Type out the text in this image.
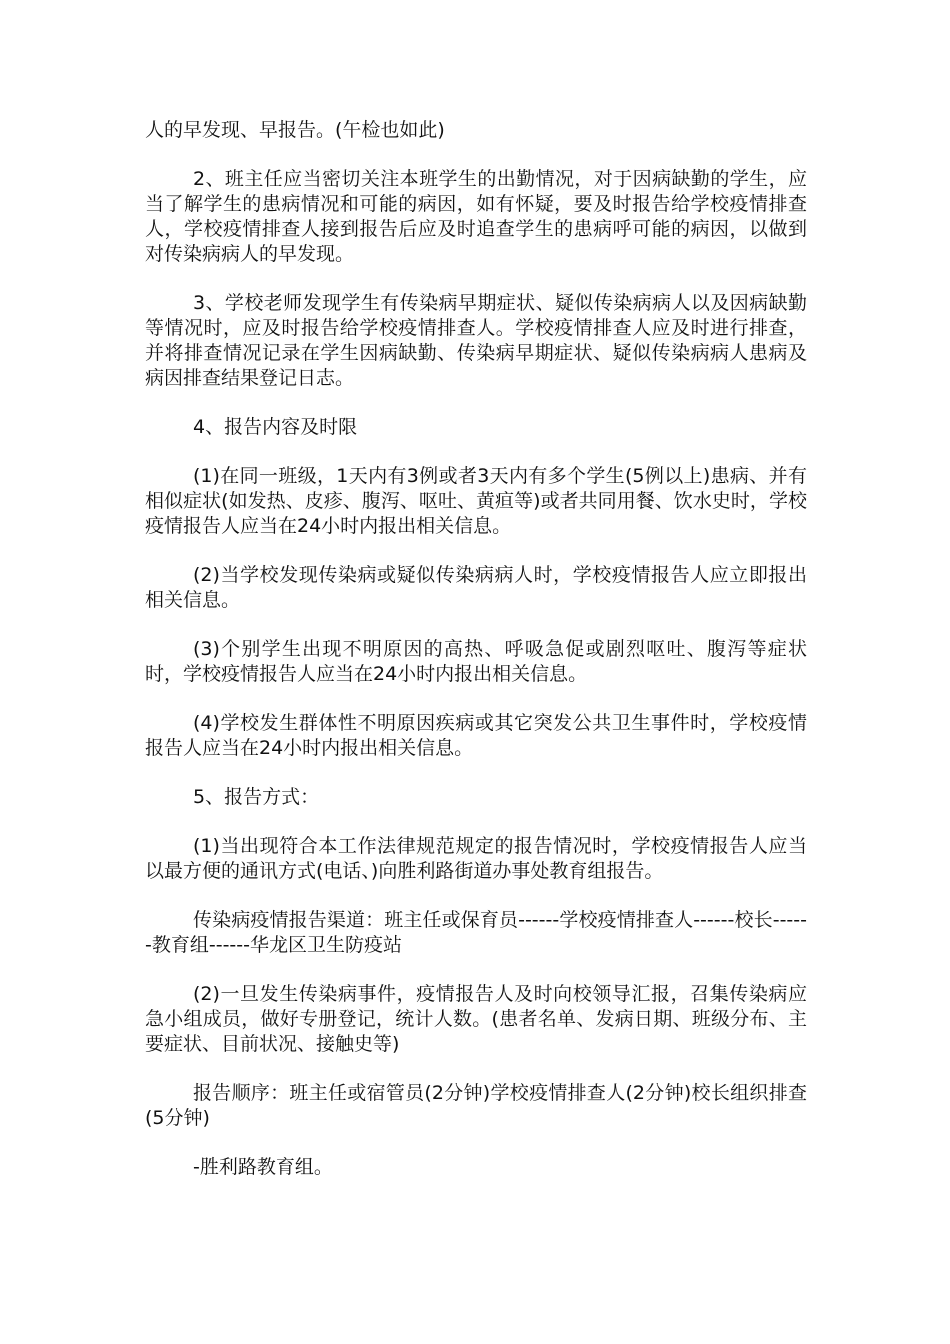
人的早发现、早报告。(午检也如此)

2、班主任应当密切关注本班学生的出勤情况，对于因病缺勤的学生，应当了解学生的患病情况和可能的病因，如有怀疑，要及时报告给学校疫情排查人，学校疫情排查人接到报告后应及时追查学生的患病呼可能的病因，以做到对传染病病人的早发现。

3、学校老师发现学生有传染病早期症状、疑似传染病病人以及因病缺勤等情况时，应及时报告给学校疫情排查人。学校疫情排查人应及时进行排查，并将排查情况记录在学生因病缺勤、传染病早期症状、疑似传染病病人患病及病因排查结果登记日志。

4、报告内容及时限

(1)在同一班级，1天内有3例或者3天内有多个学生(5例以上)患病、并有相似症状(如发热、皮疹、腹泻、呕吐、黄疸等)或者共同用餐、饮水史时，学校疫情报告人应当在24小时内报出相关信息。

(2)当学校发现传染病或疑似传染病病人时，学校疫情报告人应立即报出相关信息。

(3)个别学生出现不明原因的高热、呼吸急促或剧烈呕吐、腹泻等症状时，学校疫情报告人应当在24小时内报出相关信息。

(4)学校发生群体性不明原因疾病或其它突发公共卫生事件时，学校疫情报告人应当在24小时内报出相关信息。

5、报告方式：

(1)当出现符合本工作法律规范规定的报告情况时，学校疫情报告人应当以最方便的通讯方式(电话、)向胜利路街道办事处教育组报告。

传染病疫情报告渠道：班主任或保育员------学校疫情排查人------校长------教育组------华龙区卫生防疫站

(2)一旦发生传染病事件，疫情报告人及时向校领导汇报，召集传染病应急小组成员，做好专册登记，统计人数。(患者名单、发病日期、班级分布、主要症状、目前状况、接触史等)

报告顺序：班主任或宿管员(2分钟)学校疫情排查人(2分钟)校长组织排查(5分钟)

-胜利路教育组。
